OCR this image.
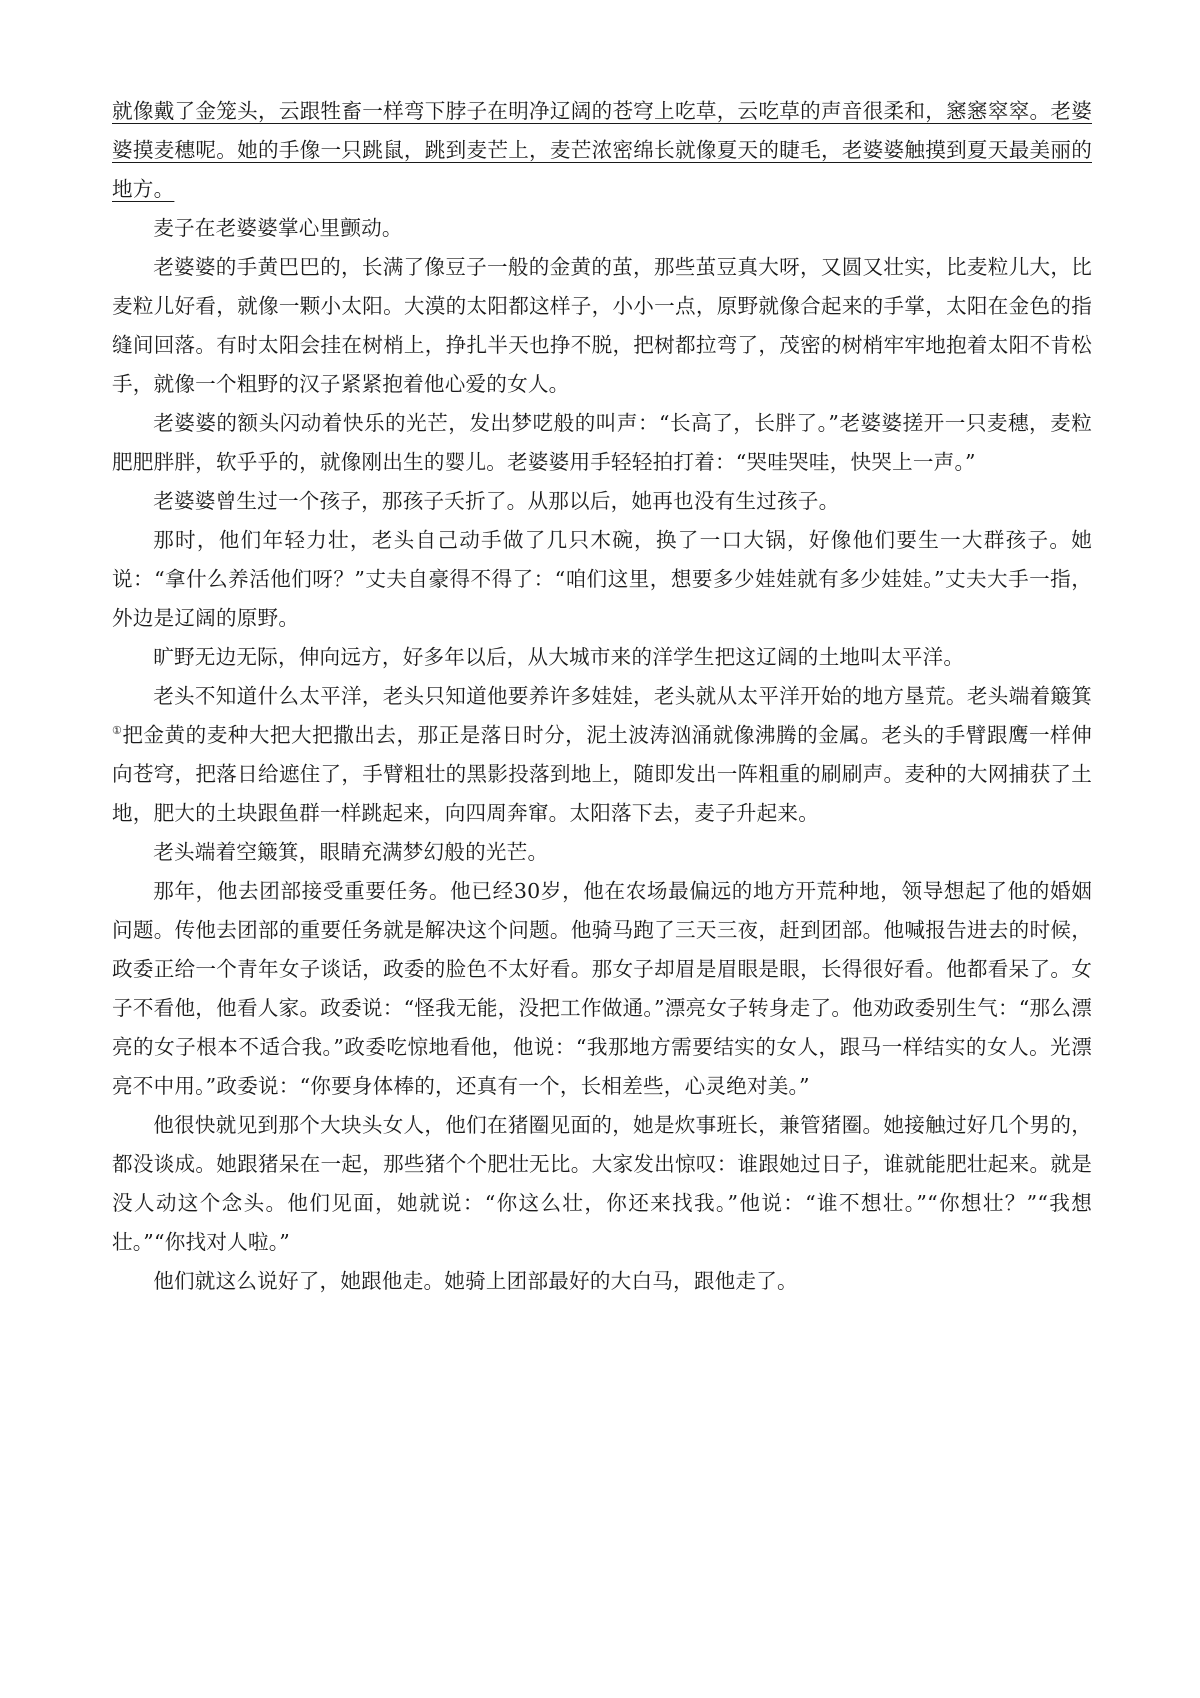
就像戴了金笼头，云跟牲畜一样弯下脖子在明净辽阔的苍穹上吃草，云吃草的声音很柔和，窸窸窣窣。老婆婆摸麦穗呢。她的手像一只跳鼠，跳到麦芒上，麦芒浓密绵长就像夏天的睫毛，老婆婆触摸到夏天最美丽的地方。

麦子在老婆婆掌心里颤动。

老婆婆的手黄巴巴的，长满了像豆子一般的金黄的茧，那些茧豆真大呀，又圆又壮实，比麦粒儿大，比麦粒儿好看，就像一颗小太阳。大漠的太阳都这样子，小小一点，原野就像合起来的手掌，太阳在金色的指缝间回落。有时太阳会挂在树梢上，挣扎半天也挣不脱，把树都拉弯了，茂密的树梢牢牢地抱着太阳不肯松手，就像一个粗野的汉子紧紧抱着他心爱的女人。

老婆婆的额头闪动着快乐的光芒，发出梦呓般的叫声：“长高了，长胖了。”老婆婆搓开一只麦穗，麦粒肥肥胖胖，软乎乎的，就像刚出生的婴儿。老婆婆用手轻轻拍打着：“哭哇哭哇，快哭上一声。”

老婆婆曾生过一个孩子，那孩子夭折了。从那以后，她再也没有生过孩子。

那时，他们年轻力壮，老头自己动手做了几只木碗，换了一口大锅，好像他们要生一大群孩子。她说：“拿什么养活他们呀？”丈夫自豪得不得了：“咱们这里，想要多少娃娃就有多少娃娃。”丈夫大手一指，外边是辽阔的原野。

旷野无边无际，伸向远方，好多年以后，从大城市来的洋学生把这辽阔的土地叫太平洋。

老头不知道什么太平洋，老头只知道他要养许多娃娃，老头就从太平洋开始的地方垦荒。老头端着簸箕①把金黄的麦种大把大把撒出去，那正是落日时分，泥土波涛汹涌就像沸腾的金属。老头的手臂跟鹰一样伸向苍穹，把落日给遮住了，手臂粗壮的黑影投落到地上，随即发出一阵粗重的刷刷声。麦种的大网捕获了土地，肥大的土块跟鱼群一样跳起来，向四周奔窜。太阳落下去，麦子升起来。

老头端着空簸箕，眼睛充满梦幻般的光芒。

那年，他去团部接受重要任务。他已经30岁，他在农场最偏远的地方开荒种地，领导想起了他的婚姻问题。传他去团部的重要任务就是解决这个问题。他骑马跑了三天三夜，赶到团部。他喊报告进去的时候，政委正给一个青年女子谈话，政委的脸色不太好看。那女子却眉是眉眼是眼，长得很好看。他都看呆了。女子不看他，他看人家。政委说：“怪我无能，没把工作做通。”漂亮女子转身走了。他劝政委别生气：“那么漂亮的女子根本不适合我。”政委吃惊地看他，他说：“我那地方需要结实的女人，跟马一样结实的女人。光漂亮不中用。”政委说：“你要身体棒的，还真有一个，长相差些，心灵绝对美。”

他很快就见到那个大块头女人，他们在猪圈见面的，她是炊事班长，兼管猪圈。她接触过好几个男的，都没谈成。她跟猪呆在一起，那些猪个个肥壮无比。大家发出惊叹：谁跟她过日子，谁就能肥壮起来。就是没人动这个念头。他们见面，她就说：“你这么壮，你还来找我。”他说：“谁不想壮。”“你想壮？”“我想壮。”“你找对人啦。”

他们就这么说好了，她跟他走。她骑上团部最好的大白马，跟他走了。
